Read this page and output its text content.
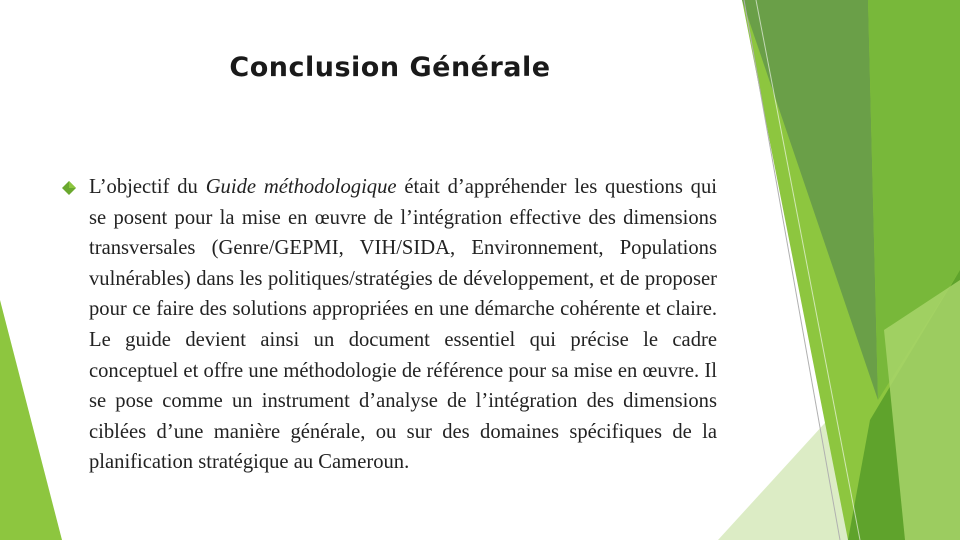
Conclusion Générale

L’objectif du Guide méthodologique était d’appréhender les questions qui se posent pour la mise en œuvre de l’intégration effective des dimensions transversales (Genre/GEPMI, VIH/SIDA, Environnement, Populations vulnérables) dans les politiques/stratégies de développement, et de proposer pour ce faire des solutions appropriées en une démarche cohérente et claire. Le guide devient ainsi un document essentiel qui précise le cadre conceptuel et offre une méthodologie de référence pour sa mise en œuvre. Il se pose comme un instrument d’analyse de l’intégration des dimensions ciblées d’une manière générale, ou sur des domaines spécifiques de la planification stratégique au Cameroun.
